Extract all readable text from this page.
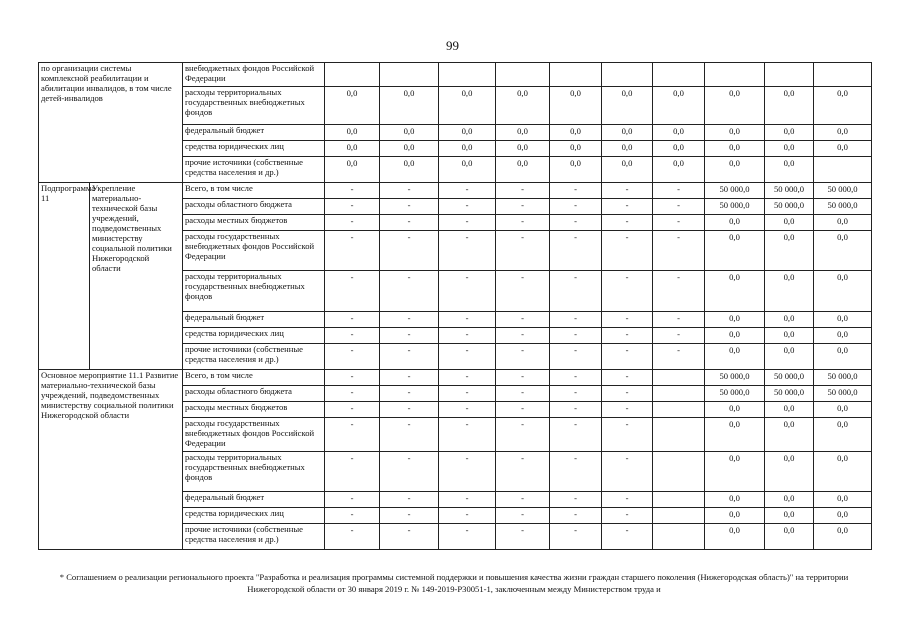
99
по организации системы комплексной реабилитации и абилитации инвалидов, в том числе детей-инвалидов		внебюджетных фондов Российской Федерации										
		расходы территориальных государственных внебюджетных фондов	0,0	0,0	0,0	0,0	0,0	0,0	0,0	0,0	0,0	0,0
		федеральный бюджет	0,0	0,0	0,0	0,0	0,0	0,0	0,0	0,0	0,0	0,0
		средства юридических лиц	0,0	0,0	0,0	0,0	0,0	0,0	0,0	0,0	0,0	0,0
		прочие источники (собственные средства населения и др.)	0,0	0,0	0,0	0,0	0,0	0,0	0,0	0,0	0,0	
Подпрограмма 11	Укрепление материально-технической базы учреждений, подведомственных министерству социальной политики Нижегородской области	Всего, в том числе	-	-	-	-	-	-	-	50 000,0	50 000,0	50 000,0
		расходы областного бюджета	-	-	-	-	-	-	-	50 000,0	50 000,0	50 000,0
		расходы местных бюджетов	-	-	-	-	-	-	-	0,0	0,0	0,0
		расходы государственных внебюджетных фондов Российской Федерации	-	-	-	-	-	-	-	0,0	0,0	0,0
		расходы территориальных государственных внебюджетных фондов	-	-	-	-	-	-	-	0,0	0,0	0,0
		федеральный бюджет	-	-	-	-	-	-	-	0,0	0,0	0,0
		средства юридических лиц	-	-	-	-	-	-	-	0,0	0,0	0,0
		прочие источники (собственные средства населения и др.)	-	-	-	-	-	-	-	0,0	0,0	0,0
Основное мероприятие 11.1 Развитие материально-технической базы учреждений, подведомственных министерству социальной политики Нижегородской области		Всего, в том числе	-	-	-	-	-	-		50 000,0	50 000,0	50 000,0
		расходы областного бюджета	-	-	-	-	-	-		50 000,0	50 000,0	50 000,0
		расходы местных бюджетов	-	-	-	-	-	-		0,0	0,0	0,0
		расходы государственных внебюджетных фондов Российской Федерации	-	-	-	-	-	-		0,0	0,0	0,0
		расходы территориальных государственных внебюджетных фондов	-	-	-	-	-	-		0,0	0,0	0,0
		федеральный бюджет	-	-	-	-	-	-		0,0	0,0	0,0
		средства юридических лиц	-	-	-	-	-	-		0,0	0,0	0,0
		прочие источники (собственные средства населения и др.)	-	-	-	-	-	-		0,0	0,0	0,0
* Соглашением о реализации регионального проекта "Разработка и реализация программы системной поддержки и повышения качества жизни граждан старшего поколения (Нижегородская область)" на территории Нижегородской области от 30 января 2019 г. № 149-2019-P30051-1, заключенным между Министерством труда и
